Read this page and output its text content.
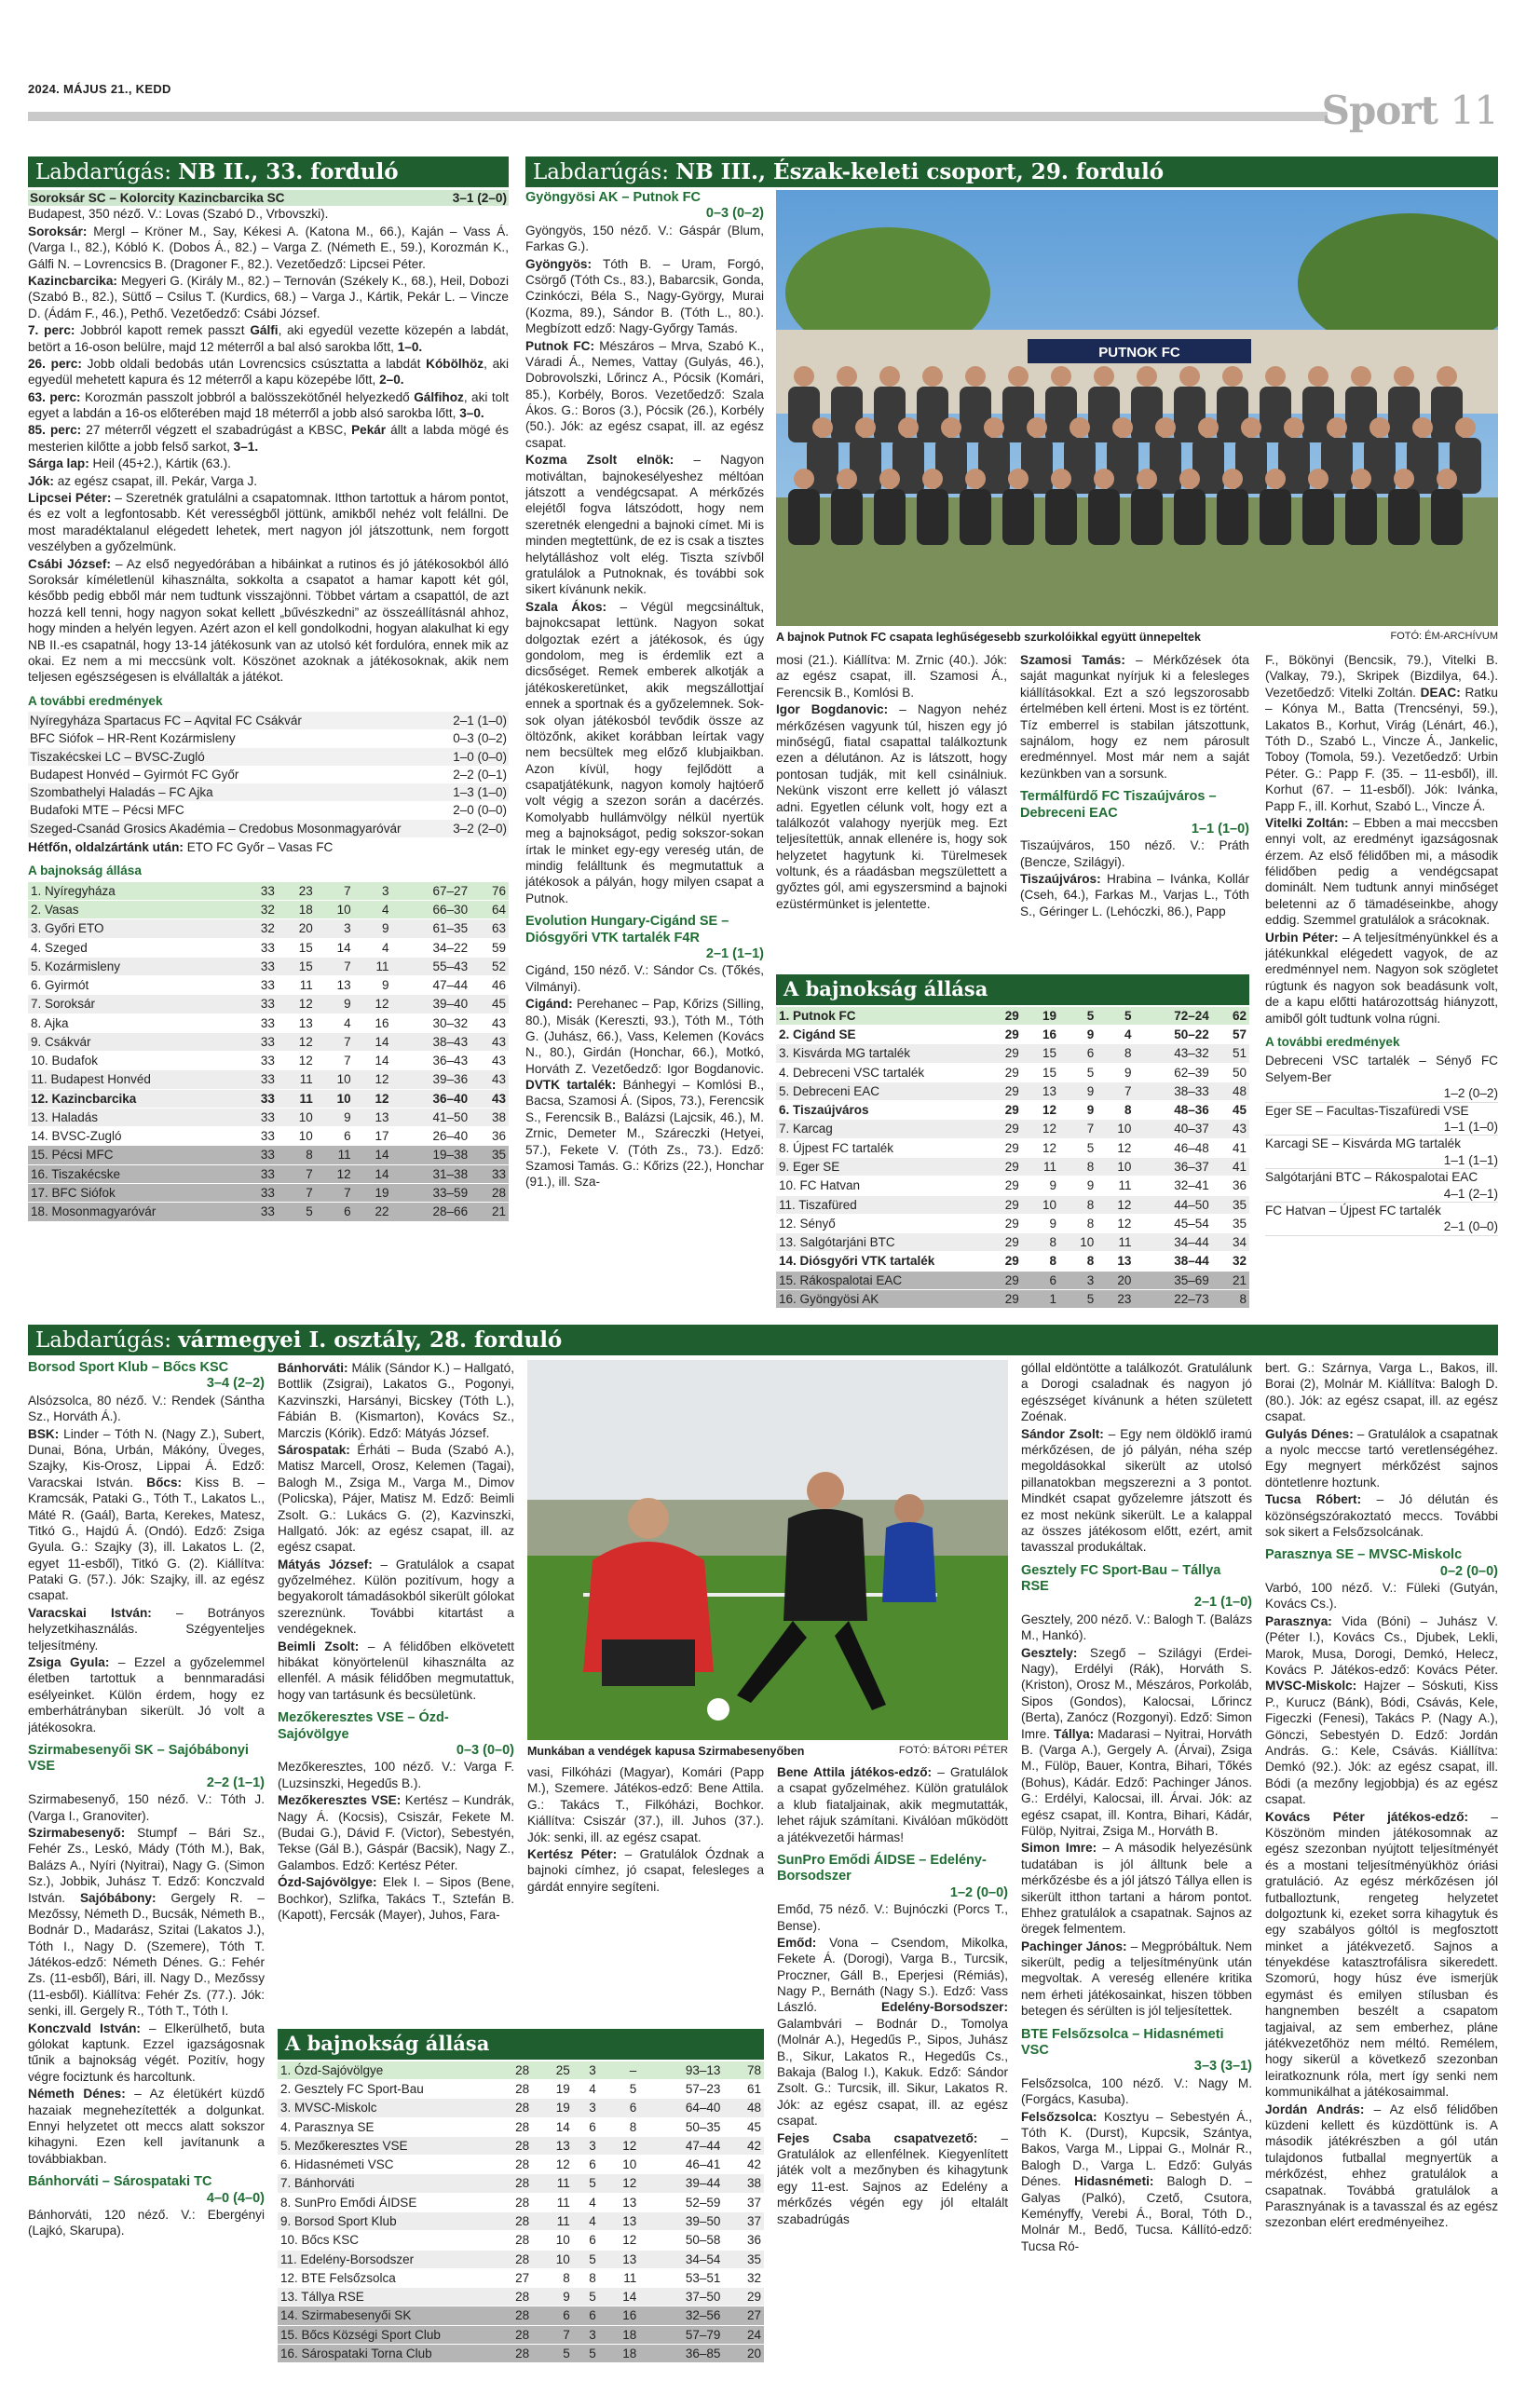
2024. MÁJUS 21., KEDD	Sport 11
Labdarúgás: NB II., 33. forduló
Soroksár SC – Kolorcity Kazincbarcika SC	3–1 (2–0)

Budapest, 350 néző. V.: Lovas (Szabó D., Vrbovszki).

Soroksár: Mergl – Kröner M., Say, Kékesi A. (Katona M., 66.), Kaján – Vass Á. (Varga I., 82.), Kóbló K. (Dobos Á., 82.) – Varga Z. (Németh E., 59.), Korozmán K., Gálfi N. – Lovrencsics B. (Dragoner F., 82.). Vezetőedző: Lipcsei Péter.

Kazincbarcika: Megyeri G. (Király M., 82.) – Ternován (Székely K., 68.), Heil, Dobozi (Szabó B., 82.), Süttő – Csilus T. (Kurdics, 68.) – Varga J., Kártik, Pekár L. – Vincze D. (Ádám F., 46.), Pethő. Vezetőedző: Csábi József.

7. perc: Jobbról kapott remek passzt Gálfi, aki egyedül vezette közepén a labdát, betört a 16-oson belülre, majd 12 méterről a bal alsó sarokba lőtt, 1–0.

26. perc: Jobb oldali bedobás után Lovrencsics csúsztatta a labdát Kóbölhöz, aki egyedül mehetett kapura és 12 méterről a kapu közepébe lőtt, 2–0.

63. perc: Korozmán passzolt jobbról a balösszekötőnél helyezkedő Gálfihoz, aki tolt egyet a labdán a 16-os előterében majd 18 méterről a jobb alsó sarokba lőtt, 3–0.

85. perc: 27 méterről végzett el szabadrúgást a KBSC, Pekár állt a labda mögé és mesterien kilőtte a jobb felső sarkot, 3–1.

Sárga lap: Heil (45+2.), Kártik (63.).

Jók: az egész csapat, ill. Pekár, Varga J.

Lipcsei Péter: – Szeretnék gratulálni a csapatomnak. Itthon tartottuk a három pontot, és ez volt a legfontosabb. Két verességből jöttünk, amikből nehéz volt felállni. De most maradéktalanul elégedett lehetek, mert nagyon jól játszottunk, nem forgott veszélyben a győzelmünk.

Csábi József: – Az első negyedórában a hibáinkat a rutinos és jó játékosokból álló Soroksár kíméletlenül kihasználta, sokkolta a csapatot a hamar kapott két gól, később pedig ebből már nem tudtunk visszajönni. Többet vártam a csapattól, de azt hozzá kell tenni, hogy nagyon sokat kellett „bűvészkedni” az összeállításnál ahhoz, hogy minden a helyén legyen. Azért azon el kell gondolkodni, hogyan alakulhat ki egy NB II.-es csapatnál, hogy 13-14 játékosunk van az utolsó két fordulóra, ennek mik az okai. Ez nem a mi meccsünk volt. Köszönet azoknak a játékosoknak, akik nem teljesen egészségesen is elvállalták a játékot.

A további eredmények
Nyíregyháza Spartacus FC – Aqvital FC Csákvár	2–1 (1–0)
BFC Siófok – HR-Rent Kozármisleny	0–3 (0–2)
Tiszakécskei LC – BVSC-Zugló	1–0 (0–0)
Budapest Honvéd – Gyirmót FC Győr	2–2 (0–1)
Szombathelyi Haladás – FC Ajka	1–3 (1–0)
Budafoki MTE – Pécsi MFC	2–0 (0–0)
Szeged-Csanád Grosics Akadémia – Credobus Mosonmagyaróvár	3–2 (2–0)
Hétfőn, oldalzártánk után: ETO FC Győr – Vasas FC
A bajnokság állása
1. Nyíregyháza	33	23	7	3	67–27	76
2. Vasas	32	18	10	4	66–30	64
3. Győri ETO	32	20	3	9	61–35	63
4. Szeged	33	15	14	4	34–22	59
5. Kozármisleny	33	15	7	11	55–43	52
6. Gyirmót	33	11	13	9	47–44	46
7. Soroksár	33	12	9	12	39–40	45
8. Ajka	33	13	4	16	30–32	43
9. Csákvár	33	12	7	14	38–43	43
10. Budafok	33	12	7	14	36–43	43
11. Budapest Honvéd	33	11	10	12	39–36	43
12. Kazincbarcika	33	11	10	12	36–40	43
13. Haladás	33	10	9	13	41–50	38
14. BVSC-Zugló	33	10	6	17	26–40	36
15. Pécsi MFC	33	8	11	14	19–38	35
16. Tiszakécske	33	7	12	14	31–38	33
17. BFC Siófok	33	7	7	19	33–59	28
18. Mosonmagyaróvár	33	5	6	22	28–66	21
Labdarúgás: NB III., Észak-keleti csoport, 29. forduló
Gyöngyösi AK – Putnok FC
0–3 (0–2)

Gyöngyös, 150 néző. V.: Gáspár (Blum, Farkas G.).

Gyöngyös: Tóth B. – Uram, Forgó, Csörgő (Tóth Cs., 83.), Babarcsik, Gonda, Czinkóczi, Béla S., Nagy-György, Murai (Kozma, 89.), Sándor B. (Tóth L., 80.). Megbízott edző: Nagy-Győrgy Tamás.

Putnok FC: Mészáros – Mrva, Szabó K., Váradi Á., Nemes, Vattay (Gulyás, 46.), Dobrovolszki, Lőrincz A., Pócsik (Komári, 85.), Korbély, Boros. Vezetőedző: Szala Ákos. G.: Boros (3.), Pócsik (26.), Korbély (50.). Jók: az egész csapat, ill. az egész csapat.

Kozma Zsolt elnök: – Nagyon motiváltan, bajnokesélyeshez méltóan játszott a vendégcsapat. A mérkőzés elejétől fogva látszódott, hogy nem szeretnék elengedni a bajnoki címet. Mi is minden megtettünk, de ez is csak a tisztes helytálláshoz volt elég. Tiszta szívből gratulálok a Putnoknak, és további sok sikert kívánunk nekik.

Szala Ákos: – Végül megcsináltuk, bajnokcsapat lettünk. Nagyon sokat dolgoztak ezért a játékosok, és úgy gondolom, meg is érdemlik ezt a dicsőséget. Remek emberek alkotják a játékoskeretünket, akik megszállottjaí ennek a sportnak és a győzelemnek. Sok-sok olyan játékosból tevődik össze az öltözőnk, akiket korábban leírtak vagy nem becsültek meg előző klubjaikban. Azon kívül, hogy fejlődött a csapatjátékunk, nagyon komoly hajtóerő volt végig a szezon során a dacérzés. Komolyabb hullámvölgy nélkül nyertük meg a bajnokságot, pedig sokszor-sokan írtak le minket egy-egy vereség után, de mindig felálltunk és megmutattuk a játékosok a pályán, hogy milyen csapat a Putnok.

Evolution Hungary-Cigánd SE – Diósgyőri VTK tartalék F4R
2–1 (1–1)

Cigánd, 150 néző. V.: Sándor Cs. (Tőkés, Vilmányi).

Cigánd: Perehanec – Pap, Kőrizs (Silling, 80.), Misák (Kereszti, 93.), Tóth M., Tóth G. (Juhász, 66.), Vass, Kelemen (Kovács N., 80.), Girdán (Honchar, 66.), Motkó, Horváth Z. Vezetőedző: Igor Bogdanovic. DVTK tartalék: Bánhegyi – Komlósi B., Bacsa, Szamosi Á. (Sipos, 73.), Ferencsik S., Ferencsik B., Balázsi (Lajcsik, 46.), M. Zrnic, Demeter M., Száreczki (Hetyei, 57.), Fekete V. (Tóth Zs., 73.). Edző: Szamosi Tamás. G.: Kőrizs (22.), Honchar (91.), ill. Sza-

PUTNOK FC
A bajnok Putnok FC csapata leghűségesebb szurkolóikkal együtt ünnepeltek	FOTÓ: ÉM-ARCHÍVUM

mosi (21.). Kiállítva: M. Zrnic (40.). Jók: az egész csapat, ill. Szamosi Á., Ferencsik B., Komlósi B.

Igor Bogdanovic: – Nagyon nehéz mérkőzésen vagyunk túl, hiszen egy jó minőségű, fiatal csapattal találkoztunk ezen a délutánon. Az is látszott, hogy pontosan tudják, mit kell csinálniuk. Nekünk viszont erre kellett jó választ adni. Egyetlen célunk volt, hogy ezt a találkozót valahogy nyerjük meg. Ezt teljesítettük, annak ellenére is, hogy sok helyzetet hagytunk ki. Türelmesek voltunk, és a ráadásban megszülettett a győztes gól, ami egyszersmind a bajnoki ezüstérmünket is jelentette.

Szamosi Tamás: – Mérkőzések óta saját magunkat nyírjuk ki a felesleges kiállításokkal. Ezt a szó legszorosabb értelmében kell érteni. Most is ez történt. Tíz emberrel is stabilan játszottunk, sajnálom, hogy ez nem párosult eredménnyel. Most már nem a saját kezünkben van a sorsunk.

Termálfürdő FC Tiszaújváros – Debreceni EAC
1–1 (1–0)

Tiszaújváros, 150 néző. V.: Práth (Bencze, Szilágyi).

Tiszaújváros: Hrabina – Ivánka, Kollár (Cseh, 64.), Farkas M., Varjas L., Tóth S., Géringer L. (Lehóczki, 86.), Papp

F., Bökönyi (Bencsik, 79.), Vitelki B. (Valkay, 79.), Skripek (Bizdilya, 64.). Vezetőedző: Vitelki Zoltán. DEAC: Ratku – Kónya M., Batta (Trencsényi, 59.), Lakatos B., Korhut, Virág (Lénárt, 46.), Tóth D., Szabó L., Vincze Á., Jankelic, Toboy (Tomola, 59.). Vezetőedző: Urbin Péter. G.: Papp F. (35. – 11-esből), ill. Korhut (67. – 11-esből). Jók: Ivánka, Papp F., ill. Korhut, Szabó L., Vincze Á.

Vitelki Zoltán: – Ebben a mai meccsben ennyi volt, az eredményt igazságosnak érzem. Az első félidőben mi, a második félidőben pedig a vendégcsapat dominált. Nem tudtunk annyi minőséget beletenni az ő tämadéseinkbe, ahogy eddig. Szemmel gratulálok a srácoknak.

Urbin Péter: – A teljesítményünkkel és a játékunkkal elégedett vagyok, de az eredménnyel nem. Nagyon sok szögletet rúgtunk és nagyon sok beadásunk volt, de a kapu előtti határozottság hiányzott, amiből gólt tudtunk volna rúgni.

A további eredmények
Debreceni VSC tartalék – Sényő FC Selyem-Ber
1–2 (0–2)
Eger SE – Facultas-Tiszafüredi VSE
1–1 (1–0)
Karcagi SE – Kisvárda MG tartalék
1–1 (1–1)
Salgótarjáni BTC – Rákospalotai EAC
4–1 (2–1)
FC Hatvan – Újpest FC tartalék
2–1 (0–0)
A bajnokság állása
1. Putnok FC	29	19	5	5	72–24	62
2. Cigánd SE	29	16	9	4	50–22	57
3. Kisvárda MG tartalék	29	15	6	8	43–32	51
4. Debreceni VSC tartalék	29	15	5	9	62–39	50
5. Debreceni EAC	29	13	9	7	38–33	48
6. Tiszaújváros	29	12	9	8	48–36	45
7. Karcag	29	12	7	10	40–37	43
8. Újpest FC tartalék	29	12	5	12	46–48	41
9. Eger SE	29	11	8	10	36–37	41
10. FC Hatvan	29	9	9	11	32–41	36
11. Tiszafüred	29	10	8	12	44–50	35
12. Sényő	29	9	8	12	45–54	35
13. Salgótarjáni BTC	29	8	10	11	34–44	34
14. Diósgyőri VTK tartalék	29	8	8	13	38–44	32
15. Rákospalotai EAC	29	6	3	20	35–69	21
16. Gyöngyösi AK	29	1	5	23	22–73	8
Labdarúgás: vármegyei I. osztály, 28. forduló
Borsod Sport Klub – Bőcs KSC
3–4 (2–2)

Alsózsolca, 80 néző. V.: Rendek (Sántha Sz., Horváth Á.).

BSK: Linder – Tóth N. (Nagy Z.), Subert, Dunai, Bóna, Urbán, Mákóny, Üveges, Szajky, Kis-Orosz, Lippai Á. Edző: Varacskai István. Bőcs: Kiss B. – Kramcsák, Pataki G., Tóth T., Lakatos L., Máté R. (Gaál), Barta, Kerekes, Matesz, Titkó G., Hajdú Á. (Ondó). Edző: Zsiga Gyula. G.: Szajky (3), ill. Lakatos L. (2, egyet 11-esből), Titkó G. (2). Kiállítva: Pataki G. (57.). Jók: Szajky, ill. az egész csapat.

Varacskai István: – Botrányos helyzetkihasználás. Szégyenteljes teljesítmény.

Zsiga Gyula: – Ezzel a győzelemmel életben tartottuk a bennmaradási esélyeinket. Külön érdem, hogy ez emberhátrányban sikerült. Jó volt a játékosokra.

Szirmabesenyői SK – Sajóbábonyi VSE
2–2 (1–1)

Szirmabesenyő, 150 néző. V.: Tóth J. (Varga I., Granoviter).

Szirmabesenyő: Stumpf – Bári Sz., Fehér Zs., Leskó, Mády (Tóth M.), Bak, Balázs A., Nyíri (Nyitrai), Nagy G. (Simon Sz.), Jobbik, Juhász T. Edző: Konczvald István. Sajóbábony: Gergely R. – Mezőssy, Németh D., Bucsák, Németh B., Bodnár D., Madarász, Szitai (Lakatos J.), Tóth I., Nagy D. (Szemere), Tóth T. Játékos-edző: Németh Dénes. G.: Fehér Zs. (11-esből), Bári, ill. Nagy D., Mezőssy (11-esből). Kiállítva: Fehér Zs. (77.). Jók: senki, ill. Gergely R., Tóth T., Tóth I.

Konczvald István: – Elkerülhető, buta gólokat kaptunk. Ezzel igazságosnak tűnik a bajnokság végét. Pozitív, hogy végre fociztunk és harcoltunk.

Németh Dénes: – Az életükért küzdő hazaiak megnehezítették a dolgunkat. Ennyi helyzetet ott meccs alatt sokszor kihagyni. Ezen kell javítanunk a továbbiakban.

Bánhorváti – Sárospataki TC
4–0 (4–0)

Bánhorváti, 120 néző. V.: Ebergényi (Lajkó, Skarupa).

Bánhorváti: Málik (Sándor K.) – Hallgató, Bottlik (Zsigrai), Lakatos G., Pogonyi, Kazvinszki, Harsányi, Bicskey (Tóth L.), Fábián B. (Kismarton), Kovács Sz., Marczis (Kórik). Edző: Mátyás József.

Sárospatak: Érháti – Buda (Szabó A.), Matisz Marcell, Orosz, Kelemen (Tagai), Balogh M., Zsiga M., Varga M., Dimov (Policska), Pájer, Matisz M. Edző: Beimli Zsolt. G.: Lukács G. (2), Kazvinszki, Hallgató. Jók: az egész csapat, ill. az egész csapat.

Mátyás József: – Gratulálok a csapat győzelméhez. Külön pozitívum, hogy a begyakorolt támadásokból sikerült gólokat szereznünk. További kitartást a vendégeknek.

Beimli Zsolt: – A félidőben elkövetett hibákat könyörtelenül kihasználta az ellenfél. A másik félidőben megmutattuk, hogy van tartásunk és becsületünk.

Mezőkeresztes VSE – Ózd-Sajóvölgye
0–3 (0–0)

Mezőkeresztes, 100 néző. V.: Varga F. (Luzsinszki, Hegedűs B.).

Mezőkeresztes VSE: Kertész – Kundrák, Nagy Á. (Kocsis), Csiszár, Fekete M. (Budai G.), Dávid F. (Victor), Sebestyén, Tekse (Gál B.), Gáspár (Bacsik), Nagy Z., Galambos. Edző: Kertész Péter.

Ózd-Sajóvölgye: Elek I. – Sipos (Bene, Bochkor), Szlifka, Takács T., Sztefán B. (Kapott), Fercsák (Mayer), Juhos, Fara-

Munkában a vendégek kapusa Szirmabesenyőben	FOTÓ: BÁTORI PÉTER

vasi, Filkóházi (Magyar), Komári (Papp M.), Szemere. Játékos-edző: Bene Attila. G.: Takács T., Filkóházi, Bochkor. Kiállítva: Csiszár (37.), ill. Juhos (37.). Jók: senki, ill. az egész csapat.

Kertész Péter: – Gratulálok Ózdnak a bajnoki címhez, jó csapat, felesleges a gárdát ennyire segíteni.

Bene Attila játékos-edző: – Gratulálok a csapat győzelméhez. Külön gratulálok a klub fiataljainak, akik megmutatták, lehet rájuk számítani. Kiválóan működött a játékvezetői hármas!

SunPro Emődi ÁIDSE – Edelény-Borsodszer
1–2 (0–0)

Emőd, 75 néző. V.: Bujnóczki (Porcs T., Bense).

Emőd: Vona – Csendom, Mikolka, Fekete Á. (Dorogi), Varga B., Turcsik, Proczner, Gáll B., Eperjesi (Rémiás), Nagy P., Bernáth (Nagy S.). Edző: Vass László. Edelény-Borsodszer: Galambvári – Bodnár D., Tomolya (Molnár A.), Hegedűs P., Sipos, Juhász B., Sikur, Lakatos R., Hegedűs Cs., Bakaja (Balog I.), Kakuk. Edző: Sándor Zsolt. G.: Turcsik, ill. Sikur, Lakatos R. Jók: az egész csapat, ill. az egész csapat.

Fejes Csaba csapatvezető: – Gratulálok az ellenfélnek. Kiegyenlített játék volt a mezőnyben és kihagytunk egy 11-est. Sajnos az Edelény a mérkőzés végén egy jól eltalált szabadrúgás

góllal eldöntötte a találkozót. Gratulálunk a Dorogi csaladnak és nagyon jó egészséget kívánunk a héten született Zoénak.

Sándor Zsolt: – Egy nem öldöklő iramú mérkőzésen, de jó pályán, néha szép megoldásokkal sikerült az utolsó pillanatokban megszerezni a 3 pontot. Mindkét csapat győzelemre játszott és ez most nekünk sikerült. Le a kalappal az összes játékosom előtt, ezért, amit tavasszal produkáltak.

Gesztely FC Sport-Bau – Tállya RSE
2–1 (1–0)

Gesztely, 200 néző. V.: Balogh T. (Balázs M., Hankó).

Gesztely: Szegő – Szilágyi (Erdei-Nagy), Erdélyi (Rák), Horváth S. (Kriston), Orosz M., Mészáros, Porkoláb, Sipos (Gondos), Kalocsai, Lőrincz (Berta), Zanócz (Rozgonyi). Edző: Simon Imre. Tállya: Madarasi – Nyitrai, Horváth B. (Varga A.), Gergely A. (Árvai), Zsiga M., Fülöp, Bauer, Kontra, Bihari, Tőkés (Bohus), Kádár. Edző: Pachinger János. G.: Erdélyi, Kalocsai, ill. Árvai. Jók: az egész csapat, ill. Kontra, Bihari, Kádár, Fülöp, Nyitrai, Zsiga M., Horváth B.

Simon Imre: – A második helyezésünk tudatában is jól álltunk bele a mérkőzésbe és a jól játszó Tállya ellen is sikerült itthon tartani a három pontot. Ehhez gratulálok a csapatnak. Sajnos az öregek felmentem.

Pachinger János: – Megpróbáltuk. Nem sikerült, pedig a teljesítményünk után megvoltak. A vereség ellenére kritika nem érheti játékosainkat, hiszen többen betegen és sérülten is jól teljesítettek.

BTE Felsőzsolca – Hidasnémeti VSC
3–3 (3–1)

Felsőzsolca, 100 néző. V.: Nagy M. (Forgács, Kasuba).

Felsőzsolca: Kosztyu – Sebestyén Á., Tóth K. (Durst), Kupcsik, Szántya, Bakos, Varga M., Lippai G., Molnár R., Balogh D., Varga L. Edző: Gulyás Dénes. Hidasnémeti: Balogh D. – Galyas (Palkó), Czető, Csutora, Keményffy, Verebi Á., Boral, Tóth D., Molnár M., Bedő, Tucsa. Kállító-edző: Tucsa Ró-

bert. G.: Szárnya, Varga L., Bakos, ill. Borai (2), Molnár M. Kiállítva: Balogh D. (80.). Jók: az egész csapat, ill. az egész csapat.

Gulyás Dénes: – Gratulálok a csapatnak a nyolc meccse tartó veretlenségéhez. Egy megnyert mérkőzést sajnos döntetlenre hoztunk.

Tucsa Róbert: – Jó délután és közönségszórakoztató meccs. További sok sikert a Felsőzsolcának.

Parasznya SE – MVSC-Miskolc
0–2 (0–0)

Varbó, 100 néző. V.: Füleki (Gutyán, Kovács Cs.).

Parasznya: Vida (Bóni) – Juhász V. (Péter I.), Kovács Cs., Djubek, Lekli, Marok, Musa, Dorogi, Demkó, Helecz, Kovács P. Játékos-edző: Kovács Péter. MVSC-Miskolc: Hajzer – Sóskuti, Kiss P., Kurucz (Bánk), Bódi, Csávás, Kele, Figeczki (Fenesi), Takács P. (Nagy A.), Gönczi, Sebestyén D. Edző: Jordán András. G.: Kele, Csávás. Kiállítva: Demkó (92.). Jók: az egész csapat, ill. Bódi (a mezőny legjobbja) és az egész csapat.

Kovács Péter játékos-edző: – Köszönöm minden játékosomnak az egész szezonban nyújtott teljesítményét és a mostani teljesítményükhöz óriási gratuláció. Az egész mérkőzésen jól futballoztunk, rengeteg helyzetet dolgoztunk ki, ezeket sorra kihagytuk és egy szabályos góltól is megfosztott minket a játékvezető. Sajnos a tényekdése katasztrofálisra sikeredett. Szomorú, hogy húsz éve ismerjük egymást és emilyen stílusban és hangnemben beszélt a csapatom tagjaival, az sem emberhez, pláne játékvezetőhöz nem méltó. Remélem, hogy sikerül a következő szezonban leiratkoznunk róla, mert így senki nem kommunikálhat a játékosaimmal.

Jordán András: – Az első félidőben küzdeni kellett és küzdöttünk is. A második játékrészben a gól után tulajdonos futballal megnyertük a mérkőzést, ehhez gratulálok a csapatnak. Továbbá gratulálok a Parasznyának is a tavasszal és az egész szezonban elért eredményeihez.

A bajnokság állása
1. Ózd-Sajóvölgye	28	25	3	–	93–13	78
2. Gesztely FC Sport-Bau	28	19	4	5	57–23	61
3. MVSC-Miskolc	28	19	3	6	64–40	48
4. Parasznya SE	28	14	6	8	50–35	45
5. Mezőkeresztes VSE	28	13	3	12	47–44	42
6. Hidasnémeti VSC	28	12	6	10	46–41	42
7. Bánhorváti	28	11	5	12	39–44	38
8. SunPro Emődi ÁIDSE	28	11	4	13	52–59	37
9. Borsod Sport Klub	28	11	4	13	39–50	37
10. Bőcs KSC	28	10	6	12	50–58	36
11. Edelény-Borsodszer	28	10	5	13	34–54	35
12. BTE Felsőzsolca	27	8	8	11	53–51	32
13. Tállya RSE	28	9	5	14	37–50	29
14. Szirmabesenyői SK	28	6	6	16	32–56	27
15. Bőcs Községi Sport Club	28	7	3	18	57–79	24
16. Sárospataki Torna Club	28	5	5	18	36–85	20
